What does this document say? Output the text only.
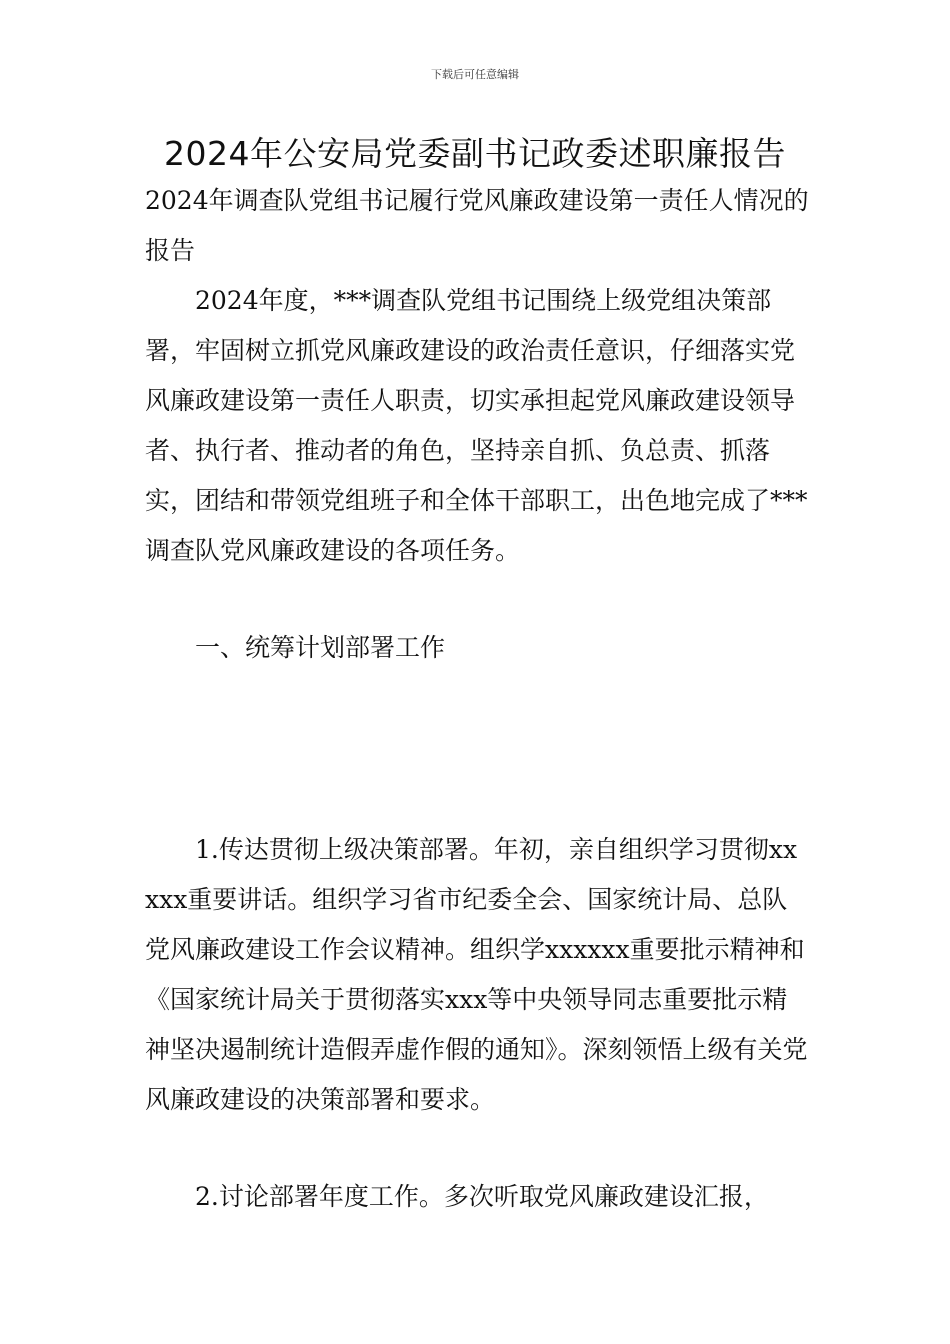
下载后可任意编辑
2024年公安局党委副书记政委述职廉报告
2024年调查队党组书记履行党风廉政建设第一责任人情况的报告
2024年度，***调查队党组书记围绕上级党组决策部署，牢固树立抓党风廉政建设的政治责任意识，仔细落实党风廉政建设第一责任人职责，切实承担起党风廉政建设领导者、执行者、推动者的角色，坚持亲自抓、负总责、抓落实，团结和带领党组班子和全体干部职工，出色地完成了***调查队党风廉政建设的各项任务。
一、统筹计划部署工作
1.传达贯彻上级决策部署。年初，亲自组织学习贯彻xxxxx重要讲话。组织学习省市纪委全会、国家统计局、总队党风廉政建设工作会议精神。组织学xxxxxx重要批示精神和《国家统计局关于贯彻落实xxx等中央领导同志重要批示精神坚决遏制统计造假弄虚作假的通知》。深刻领悟上级有关党风廉政建设的决策部署和要求。
2.讨论部署年度工作。多次听取党风廉政建设汇报，
